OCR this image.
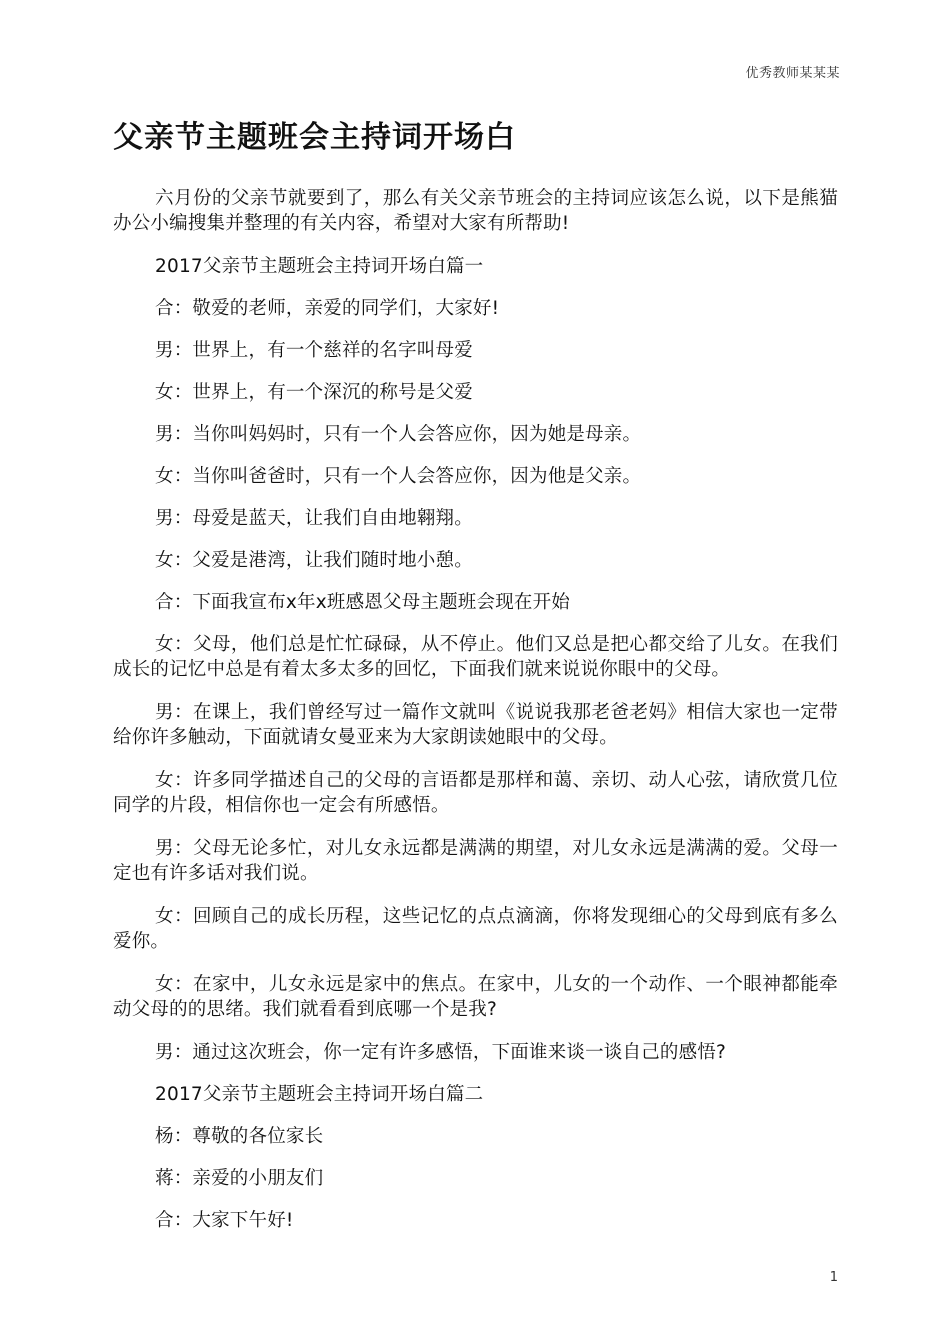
优秀教师某某某
父亲节主题班会主持词开场白

六月份的父亲节就要到了，那么有关父亲节班会的主持词应该怎么说，以下是熊猫办公小编搜集并整理的有关内容，希望对大家有所帮助!

2017父亲节主题班会主持词开场白篇一

合：敬爱的老师，亲爱的同学们，大家好!

男：世界上，有一个慈祥的名字叫母爱

女：世界上，有一个深沉的称号是父爱

男：当你叫妈妈时，只有一个人会答应你，因为她是母亲。

女：当你叫爸爸时，只有一个人会答应你，因为他是父亲。

男：母爱是蓝天，让我们自由地翱翔。

女：父爱是港湾，让我们随时地小憩。

合：下面我宣布x年x班感恩父母主题班会现在开始

女：父母，他们总是忙忙碌碌，从不停止。他们又总是把心都交给了儿女。在我们成长的记忆中总是有着太多太多的回忆，下面我们就来说说你眼中的父母。

男：在课上，我们曾经写过一篇作文就叫《说说我那老爸老妈》相信大家也一定带给你许多触动，下面就请女曼亚来为大家朗读她眼中的父母。

女：许多同学描述自己的父母的言语都是那样和蔼、亲切、动人心弦，请欣赏几位同学的片段，相信你也一定会有所感悟。

男：父母无论多忙，对儿女永远都是满满的期望，对儿女永远是满满的爱。父母一定也有许多话对我们说。

女：回顾自己的成长历程，这些记忆的点点滴滴，你将发现细心的父母到底有多么爱你。

女：在家中，儿女永远是家中的焦点。在家中，儿女的一个动作、一个眼神都能牵动父母的的思绪。我们就看看到底哪一个是我?

男：通过这次班会，你一定有许多感悟，下面谁来谈一谈自己的感悟?

2017父亲节主题班会主持词开场白篇二

杨：尊敬的各位家长

蒋：亲爱的小朋友们

合：大家下午好!

1
